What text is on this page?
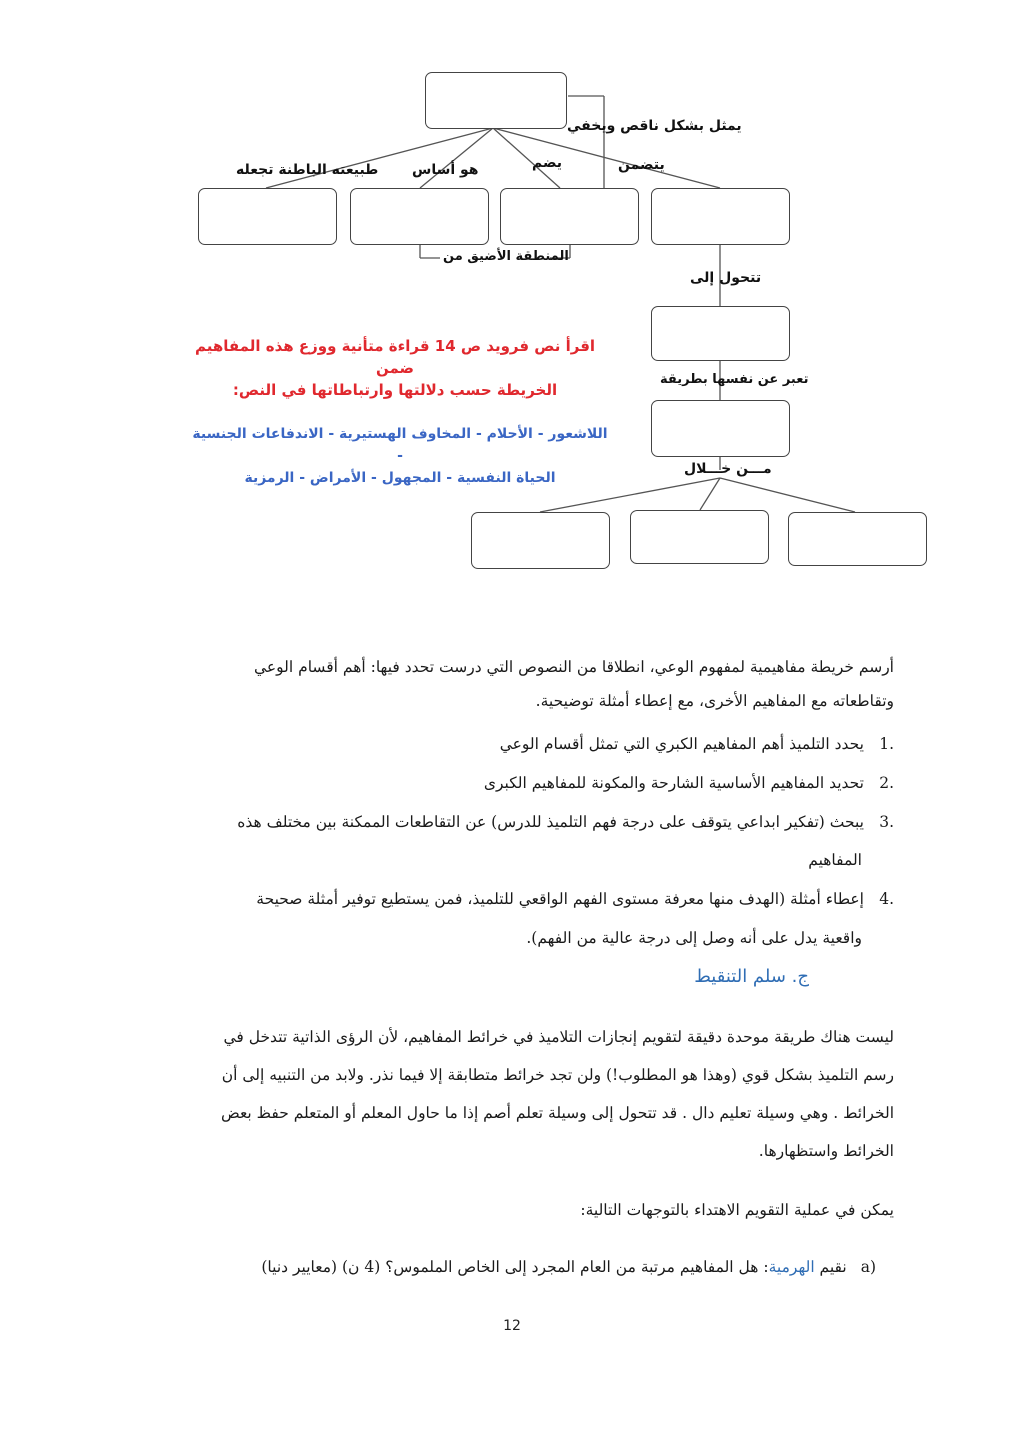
يمثل بشكل ناقص ويخفي
طبيعته الباطنة تجعله هو أساس	يضم	يتضمن
المنطقة الأضيق من
تتحول إلى
تعبر عن نفسها بطريقة
مـــن خـــلال
اقرأ نص فرويد ص 14 قراءة متأنية ووزع هذه المفاهيم ضمن
الخريطة حسب دلالتها وارتباطاتها في النص:
اللاشعور - الأحلام - المخاوف الهستيرية - الاندفاعات الجنسية -
الحياة النفسية - المجهول - الأمراض - الرمزية
أرسم خريطة مفاهيمية لمفهوم الوعي، انطلاقا من النصوص التي درست تحدد فيها: أهم أقسام الوعي
وتقاطعاته مع المفاهيم الأخرى، مع إعطاء أمثلة توضيحية.
1.يحدد التلميذ أهم المفاهيم الكبري التي تمثل أقسام الوعي
2.تحديد المفاهيم الأساسية الشارحة والمكونة للمفاهيم الكبرى
3.يبحث (تفكير ابداعي يتوقف على درجة فهم التلميذ للدرس) عن التقاطعات الممكنة بين مختلف هذه
المفاهيم
4.إعطاء أمثلة (الهدف منها معرفة مستوى الفهم الواقعي للتلميذ، فمن يستطيع توفير أمثلة صحيحة
واقعية يدل على أنه وصل إلى درجة عالية من الفهم).
ج. سلم التنقيط
ليست هناك طريقة موحدة دقيقة لتقويم إنجازات التلاميذ في خرائط المفاهيم، لأن الرؤى الذاتية تتدخل في
رسم التلميذ بشكل قوي (وهذا هو المطلوب!) ولن تجد خرائط متطابقة إلا فيما نذر. ولابد من التنبيه إلى أن
الخرائط . وهي وسيلة تعليم دال . قد تتحول إلى وسيلة تعلم أصم إذا ما حاول المعلم أو المتعلم حفظ بعض
الخرائط واستظهارها.
يمكن في عملية التقويم الاهتداء بالتوجهات التالية:
a)نقيم الهرمية: هل المفاهيم مرتبة من العام المجرد إلى الخاص الملموس؟ (4 ن) (معايير دنيا)
12
